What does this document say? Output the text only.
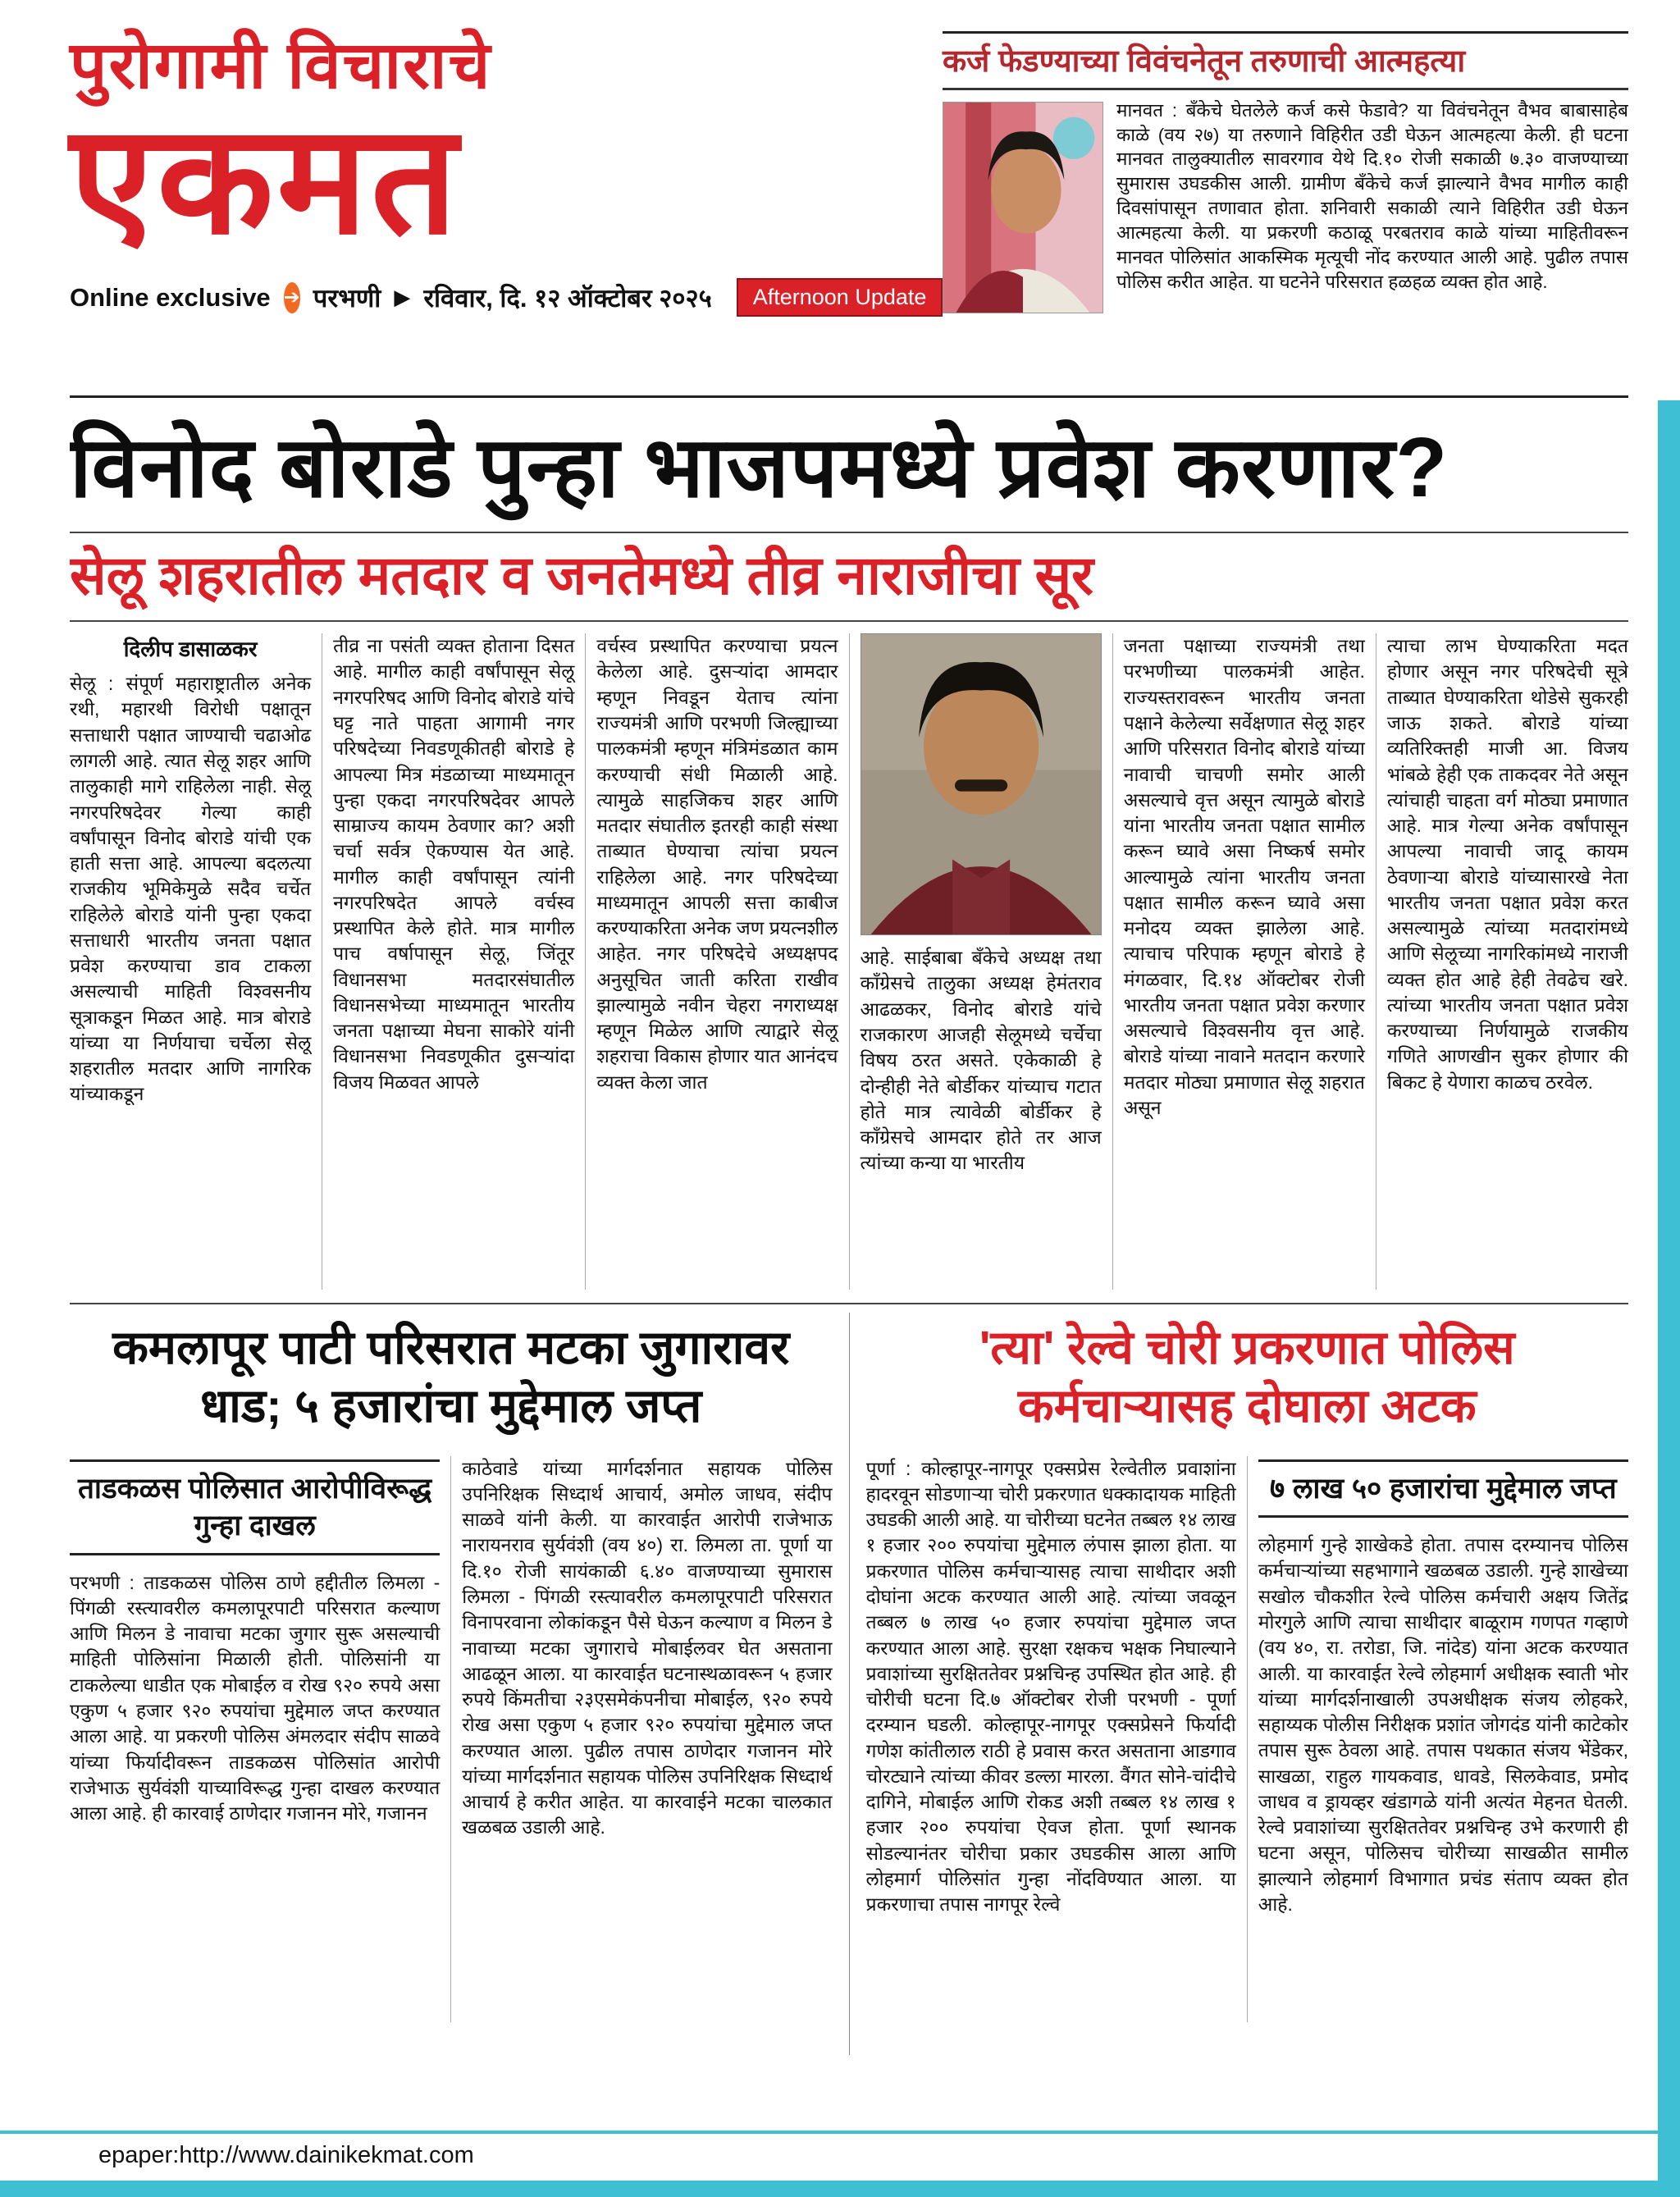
पुरोगामी विचाराचे
एकमत
Online exclusive ➔ परभणी ▶ रविवार, दि. १२ ऑक्टोबर २०२५	Afternoon Update
कर्ज फेडण्याच्या विवंचनेतून तरुणाची आत्महत्या

मानवत : बँकेचे घेतलेले कर्ज कसे फेडावे? या विवंचनेतून वैभव बाबासाहेब काळे (वय २७) या तरुणाने विहिरीत उडी घेऊन आत्महत्या केली. ही घटना मानवत तालुक्यातील सावरगाव येथे दि.१० रोजी सकाळी ७.३० वाजण्याच्या सुमारास उघडकीस आली. ग्रामीण बँकेचे कर्ज झाल्याने वैभव मागील काही दिवसांपासून तणावात होता. शनिवारी सकाळी त्याने विहिरीत उडी घेऊन आत्महत्या केली. या प्रकरणी कठाळू परबतराव काळे यांच्या माहितीवरून मानवत पोलिसांत आकस्मिक मृत्यूची नोंद करण्यात आली आहे. पुढील तपास पोलिस करीत आहेत. या घटनेने परिसरात हळहळ व्यक्त होत आहे.

विनोद बोराडे पुन्हा भाजपमध्ये प्रवेश करणार?
सेलू शहरातील मतदार व जनतेमध्ये तीव्र नाराजीचा सूर
दिलीप डासाळकर

सेलू : संपूर्ण महाराष्ट्रातील अनेक रथी, महारथी विरोधी पक्षातून सत्ताधारी पक्षात जाण्याची चढाओढ लागली आहे. त्यात सेलू शहर आणि तालुकाही मागे राहिलेला नाही. सेलू नगरपरिषदेवर गेल्या काही वर्षांपासून विनोद बोराडे यांची एक हाती सत्ता आहे. आपल्या बदलत्या राजकीय भूमिकेमुळे सदैव चर्चेत राहिलेले बोराडे यांनी पुन्हा एकदा सत्ताधारी भारतीय जनता पक्षात प्रवेश करण्याचा डाव टाकला असल्याची माहिती विश्वसनीय सूत्राकडून मिळत आहे. मात्र बोराडे यांच्या या निर्णयाचा चर्चेला सेलू शहरातील मतदार आणि नागरिक यांच्याकडून

तीव्र ना पसंती व्यक्त होताना दिसत आहे. मागील काही वर्षांपासून सेलू नगरपरिषद आणि विनोद बोराडे यांचे घट्ट नाते पाहता आगामी नगर परिषदेच्या निवडणूकीतही बोराडे हे आपल्या मित्र मंडळाच्या माध्यमातून पुन्हा एकदा नगरपरिषदेवर आपले साम्राज्य कायम ठेवणार का? अशी चर्चा सर्वत्र ऐकण्यास येत आहे. मागील काही वर्षांपासून त्यांनी नगरपरिषदेत आपले वर्चस्व प्रस्थापित केले होते. मात्र मागील पाच वर्षापासून सेलू, जिंतूर विधानसभा मतदारसंघातील विधानसभेच्या माध्यमातून भारतीय जनता पक्षाच्या मेघना साकोरे यांनी विधानसभा निवडणूकीत दुसऱ्यांदा विजय मिळवत आपले

वर्चस्व प्रस्थापित करण्याचा प्रयत्न केलेला आहे. दुसऱ्यांदा आमदार म्हणून निवडून येताच त्यांना राज्यमंत्री आणि परभणी जिल्ह्याच्या पालकमंत्री म्हणून मंत्रिमंडळात काम करण्याची संधी मिळाली आहे. त्यामुळे साहजिकच शहर आणि मतदार संघातील इतरही काही संस्था ताब्यात घेण्याचा त्यांचा प्रयत्न राहिलेला आहे. नगर परिषदेच्या माध्यमातून आपली सत्ता काबीज करण्याकरिता अनेक जण प्रयत्नशील आहेत. नगर परिषदेचे अध्यक्षपद अनुसूचित जाती करिता राखीव झाल्यामुळे नवीन चेहरा नगराध्यक्ष म्हणून मिळेल आणि त्याद्वारे सेलू शहराचा विकास होणार यात आनंदच व्यक्त केला जात

आहे. साईबाबा बँकेचे अध्यक्ष तथा काँग्रेसचे तालुका अध्यक्ष हेमंतराव आढळकर, विनोद बोराडे यांचे राजकारण आजही सेलूमध्ये चर्चेचा विषय ठरत असते. एकेकाळी हे दोन्हीही नेते बोर्डीकर यांच्याच गटात होते मात्र त्यावेळी बोर्डीकर हे काँग्रेसचे आमदार होते तर आज त्यांच्या कन्या या भारतीय

जनता पक्षाच्या राज्यमंत्री तथा परभणीच्या पालकमंत्री आहेत. राज्यस्तरावरून भारतीय जनता पक्षाने केलेल्या सर्वेक्षणात सेलू शहर आणि परिसरात विनोद बोराडे यांच्या नावाची चाचणी समोर आली असल्याचे वृत्त असून त्यामुळे बोराडे यांना भारतीय जनता पक्षात सामील करून घ्यावे असा निष्कर्ष समोर आल्यामुळे त्यांना भारतीय जनता पक्षात सामील करून घ्यावे असा मनोदय व्यक्त झालेला आहे. त्याचाच परिपाक म्हणून बोराडे हे मंगळवार, दि.१४ ऑक्टोबर रोजी भारतीय जनता पक्षात प्रवेश करणार असल्याचे विश्वसनीय वृत्त आहे. बोराडे यांच्या नावाने मतदान करणारे मतदार मोठ्या प्रमाणात सेलू शहरात असून

त्याचा लाभ घेण्याकरिता मदत होणार असून नगर परिषदेची सूत्रे ताब्यात घेण्याकरिता थोडेसे सुकरही जाऊ शकते. बोराडे यांच्या व्यतिरिक्तही माजी आ. विजय भांबळे हेही एक ताकदवर नेते असून त्यांचाही चाहता वर्ग मोठ्या प्रमाणात आहे. मात्र गेल्या अनेक वर्षांपासून आपल्या नावाची जादू कायम ठेवणाऱ्या बोराडे यांच्यासारखे नेता भारतीय जनता पक्षात प्रवेश करत असल्यामुळे त्यांच्या मतदारांमध्ये आणि सेलूच्या नागरिकांमध्ये नाराजी व्यक्त होत आहे हेही तेवढेच खरे. त्यांच्या भारतीय जनता पक्षात प्रवेश करण्याच्या निर्णयामुळे राजकीय गणिते आणखीन सुकर होणार की बिकट हे येणारा काळच ठरवेल.

कमलापूर पाटी परिसरात मटका जुगारावर धाड; ५ हजारांचा मुद्देमाल जप्त
ताडकळस पोलिसात आरोपीविरूद्ध गुन्हा दाखल

परभणी : ताडकळस पोलिस ठाणे हद्दीतील लिमला - पिंगळी रस्त्यावरील कमलापूरपाटी परिसरात कल्याण आणि मिलन डे नावाचा मटका जुगार सुरू असल्याची माहिती पोलिसांना मिळाली होती. पोलिसांनी या टाकलेल्या धाडीत एक मोबाईल व रोख ९२० रुपये असा एकुण ५ हजार ९२० रुपयांचा मुद्देमाल जप्त करण्यात आला आहे. या प्रकरणी पोलिस अंमलदार संदीप साळवे यांच्या फिर्यादीवरून ताडकळस पोलिसांत आरोपी राजेभाऊ सुर्यवंशी याच्याविरूद्ध गुन्हा दाखल करण्यात आला आहे. ही कारवाई ठाणेदार गजानन मोरे, गजानन

काठेवाडे यांच्या मार्गदर्शनात सहायक पोलिस उपनिरिक्षक सिध्दार्थ आचार्य, अमोल जाधव, संदीप साळवे यांनी केली. या कारवाईत आरोपी राजेभाऊ नारायनराव सुर्यवंशी (वय ४०) रा. लिमला ता. पूर्णा या दि.१० रोजी सायंकाळी ६.४० वाजण्याच्या सुमारास लिमला - पिंगळी रस्त्यावरील कमलापूरपाटी परिसरात विनापरवाना लोकांकडून पैसे घेऊन कल्याण व मिलन डे नावाच्या मटका जुगाराचे मोबाईलवर घेत असताना आढळून आला. या कारवाईत घटनास्थळावरून ५ हजार रुपये किंमतीचा २३एसमेकंपनीचा मोबाईल, ९२० रुपये रोख असा एकुण ५ हजार ९२० रुपयांचा मुद्देमाल जप्त करण्यात आला. पुढील तपास ठाणेदार गजानन मोरे यांच्या मार्गदर्शनात सहायक पोलिस उपनिरिक्षक सिध्दार्थ आचार्य हे करीत आहेत. या कारवाईने मटका चालकात खळबळ उडाली आहे.

'त्या' रेल्वे चोरी प्रकरणात पोलिस कर्मचाऱ्यासह दोघाला अटक

पूर्णा : कोल्हापूर-नागपूर एक्सप्रेस रेल्वेतील प्रवाशांना हादरवून सोडणाऱ्या चोरी प्रकरणात धक्कादायक माहिती उघडकी आली आहे. या चोरीच्या घटनेत तब्बल १४ लाख १ हजार २०० रुपयांचा मुद्देमाल लंपास झाला होता. या प्रकरणात पोलिस कर्मचाऱ्यासह त्याचा साथीदार अशी दोघांना अटक करण्यात आली आहे. त्यांच्या जवळून तब्बल ७ लाख ५० हजार रुपयांचा मुद्देमाल जप्त करण्यात आला आहे. सुरक्षा रक्षकच भक्षक निघाल्याने प्रवाशांच्या सुरक्षिततेवर प्रश्नचिन्ह उपस्थित होत आहे. ही चोरीची घटना दि.७ ऑक्टोबर रोजी परभणी - पूर्णा दरम्यान घडली. कोल्हापूर-नागपूर एक्सप्रेसने फिर्यादी गणेश कांतीलाल राठी हे प्रवास करत असताना आडगाव चोरट्याने त्यांच्या कीवर डल्ला मारला. वैंगत सोने-चांदीचे दागिने, मोबाईल आणि रोकड अशी तब्बल १४ लाख १ हजार २०० रुपयांचा ऐवज होता. पूर्णा स्थानक सोडल्यानंतर चोरीचा प्रकार उघडकीस आला आणि लोहमार्ग पोलिसांत गुन्हा नोंदविण्यात आला. या प्रकरणाचा तपास नागपूर रेल्वे

७ लाख ५० हजारांचा मुद्देमाल जप्त

लोहमार्ग गुन्हे शाखेकडे होता. तपास दरम्यानच पोलिस कर्मचाऱ्यांच्या सहभागाने खळबळ उडाली. गुन्हे शाखेच्या सखोल चौकशीत रेल्वे पोलिस कर्मचारी अक्षय जितेंद्र मोरगुले आणि त्याचा साथीदार बाळूराम गणपत गव्हाणे (वय ४०, रा. तरोडा, जि. नांदेड) यांना अटक करण्यात आली. या कारवाईत रेल्वे लोहमार्ग अधीक्षक स्वाती भोर यांच्या मार्गदर्शनाखाली उपअधीक्षक संजय लोहकरे, सहाय्यक पोलीस निरीक्षक प्रशांत जोगदंड यांनी काटेकोर तपास सुरू ठेवला आहे. तपास पथकात संजय भेंडेकर, साखळा, राहुल गायकवाड, धावडे, सिलकेवाड, प्रमोद जाधव व ड्रायव्हर खंडागळे यांनी अत्यंत मेहनत घेतली. रेल्वे प्रवाशांच्या सुरक्षिततेवर प्रश्नचिन्ह उभे करणारी ही घटना असून, पोलिसच चोरीच्या साखळीत सामील झाल्याने लोहमार्ग विभागात प्रचंड संताप व्यक्त होत आहे.

epaper:http://www.dainikekmat.com
